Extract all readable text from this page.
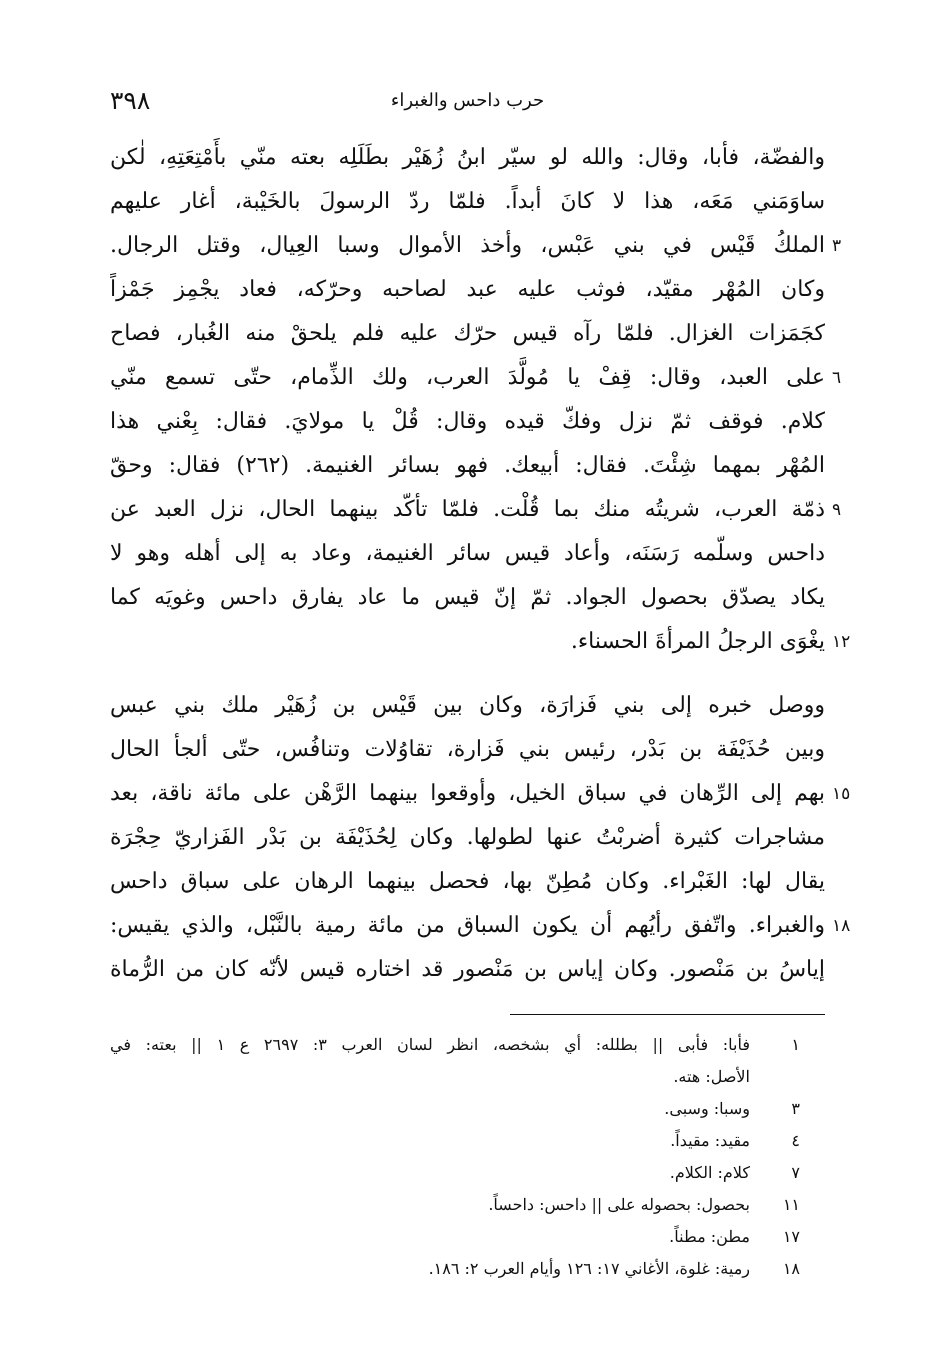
٣٩٨	حرب داحس والغبراء
والفضّة، فأبا، وقال: والله لو سيّر ابنُ زُهَيْر بطَلَلِه بعته منّي بأَمْتِعَتِهِ، لٰكن
ساوَمَني مَعَه، هذا لا كانَ أبداً. فلمّا ردّ الرسولَ بالخَيْبة، أغار عليهم
الملكُ قَيْس في بني عَبْس، وأخذ الأموال وسبا العِيال، وقتل الرجال.
وكان المُهْر مقيّد، فوثب عليه عبد لصاحبه وحرّكه، فعاد يجْمِز جَمْزاً
كجَمَزات الغزال. فلمّا رآه قيس حرّك عليه فلم يلحقْ منه الغُبار، فصاح
على العبد، وقال: قِفْ يا مُولَّدَ العرب، ولك الذِّمام، حتّى تسمع منّي
كلام. فوقف ثمّ نزل وفكّ قيده وقال: قُلْ يا مولايَ. فقال: بِعْني هذا
المُهْر بمهما شِئْتَ. فقال: أبيعك. فهو بسائر الغنيمة. (٢٦٢) فقال: وحقّ
ذمّة العرب، شريتُه منك بما قُلْت. فلمّا تأكّد بينهما الحال، نزل العبد عن
داحس وسلّمه رَسَنَه، وأعاد قيس سائر الغنيمة، وعاد به إلى أهله وهو لا
يكاد يصدّق بحصول الجواد. ثمّ إنّ قيس ما عاد يفارق داحس وغويَه كما
يغْوَى الرجلُ المرأةَ الحسناء.
ووصل خبره إلى بني فَزارَة، وكان بين قَيْس بن زُهَيْر ملك بني عبس
وبين حُذَيْفَة بن بَدْر، رئيس بني فَزارة، تقاوُلات وتنافُس، حتّى ألجأ الحال
بهم إلى الرِّهان في سباق الخيل، وأوقعوا بينهما الرَّهْن على مائة ناقة، بعد
مشاجرات كثيرة أضربْتُ عنها لطولها. وكان لِحُذَيْفَة بن بَدْر الفَزاريّ حِجْرَة
يقال لها: الغَبْراء. وكان مُطِنّ بها، فحصل بينهما الرهان على سباق داحس
والغبراء. واتّفق رأيُهم أن يكون السباق من مائة رمية بالنَّبْل، والذي يقيس:
إياسُ بن مَنْصور. وكان إياس بن مَنْصور قد اختاره قيس لأنّه كان من الرُّماة
٣
٦
٩
١٢
١٥
١٨
١
فأبا: فأبى || بطلله: أي بشخصه، انظر لسان العرب ٣: ٢٦٩٧ ع ١ || بعته: في
الأصل: هته.
٣
وسبا: وسبى.
٤
مقيد: مقيداً.
٧
كلام: الكلام.
١١
بحصول: بحصوله على || داحس: داحساً.
١٧
مطن: مطناً.
١٨
رمية: غلوة، الأغاني ١٧: ١٢٦ وأيام العرب ٢: ١٨٦.
